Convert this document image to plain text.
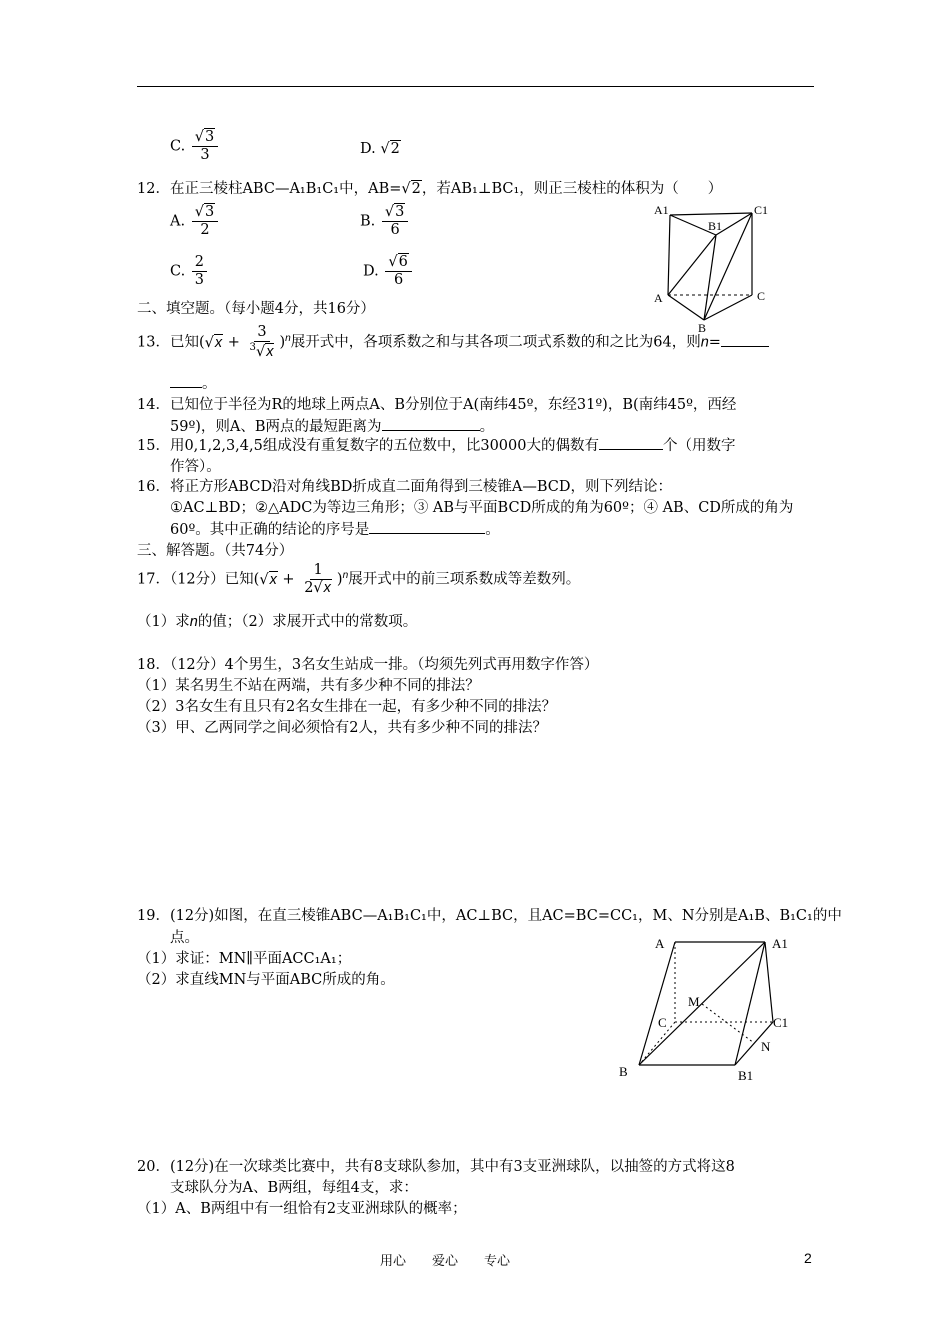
C. $\frac{√3}{3}$	D. √2
12．在正三棱柱ABC—A₁B₁C₁中，AB=√2，若AB₁⊥BC₁，则正三棱柱的体积为（　　）
A. $\frac{√3}{2}$	B. $\frac{√3}{6}$
C. $\frac{2}{3}$	D. $\frac{√6}{6}$
A1
B1
C1
A	C
B
二、填空题。（每小题4分，共16分）
13．已知$(√x + \frac{3}{^3√x} )^n$展开式中，各项系数之和与其各项二项式系数的和之比为64，则n=
。
14．已知位于半径为R的地球上两点A、B分别位于A(南纬45º，东经31º)，B(南纬45º，西经
59º)，则A、B两点的最短距离为	。
15．用0,1,2,3,4,5组成没有重复数字的五位数中，比30000大的偶数有	个（用数字
作答）。
16．将正方形ABCD沿对角线BD折成直二面角得到三棱锥A—BCD，则下列结论：
①AC⊥BD；②△ADC为等边三角形；③ AB与平面BCD所成的角为60º；④ AB、CD所成的角为
60º。其中正确的结论的序号是	。
三、解答题。（共74分）
17．（12分）已知$(√x + \frac{1}{2√x} )^n$展开式中的前三项系数成等差数列。
（1）求n的值；（2）求展开式中的常数项。
18．（12分）4个男生，3名女生站成一排。（均须先列式再用数字作答）
（1）某名男生不站在两端，共有多少种不同的排法？
（2）3名女生有且只有2名女生排在一起，有多少种不同的排法？
（3）甲、乙两同学之间必须恰有2人，共有多少种不同的排法？
19．(12分)如图，在直三棱锥ABC—A₁B₁C₁中，AC⊥BC，且AC=BC=CC₁，M、N分别是A₁B、B₁C₁的中
点。
（1）求证：MN∥平面ACC₁A₁；
（2）求直线MN与平面ABC所成的角。
A	A1
M
C	C1
N
B	B1
20．(12分)在一次球类比赛中，共有8支球队参加，其中有3支亚洲球队，以抽签的方式将这8
支球队分为A、B两组，每组4支，求：
（1）A、B两组中有一组恰有2支亚洲球队的概率；
用心　　爱心　　专心	2
